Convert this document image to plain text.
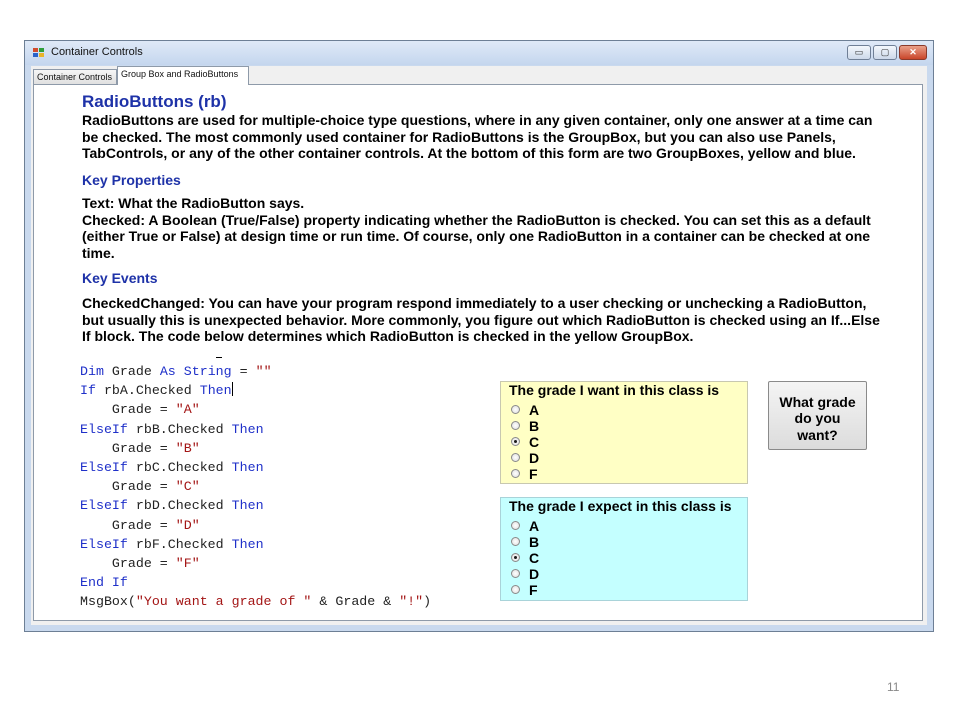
Container Controls	▭	▢	✕
Container Controls Group Box and RadioButtons
RadioButtons (rb)
RadioButtons are used for multiple-choice type questions, where in any given container, only one answer at a time can be checked. The most commonly used container for RadioButtons is the GroupBox, but you can also use Panels, TabControls, or any of the other container controls. At the bottom of this form are two GroupBoxes, yellow and blue.
Key Properties
Text: What the RadioButton says.
Checked: A Boolean (True/False) property indicating whether the RadioButton is checked. You can set this as a default (either True or False) at design time or run time. Of course, only one RadioButton in a container can be checked at one time.
Key Events
CheckedChanged: You can have your program respond immediately to a user checking or unchecking a RadioButton, but usually this is unexpected behavior. More commonly, you figure out which RadioButton is checked using an If...Else If block. The code below determines which RadioButton is checked in the yellow GroupBox.
Dim Grade As String = ""
If rbA.Checked Then
Grade = "A"
ElseIf rbB.Checked Then
Grade = "B"
ElseIf rbC.Checked Then
Grade = "C"
ElseIf rbD.Checked Then
Grade = "D"
ElseIf rbF.Checked Then
Grade = "F"
End If
MsgBox("You want a grade of " & Grade & "!")
The grade I want in this class is
A
B
C
D
F
The grade I expect in this class is
A
B
C
D
F
What grade
do you
want?
11
